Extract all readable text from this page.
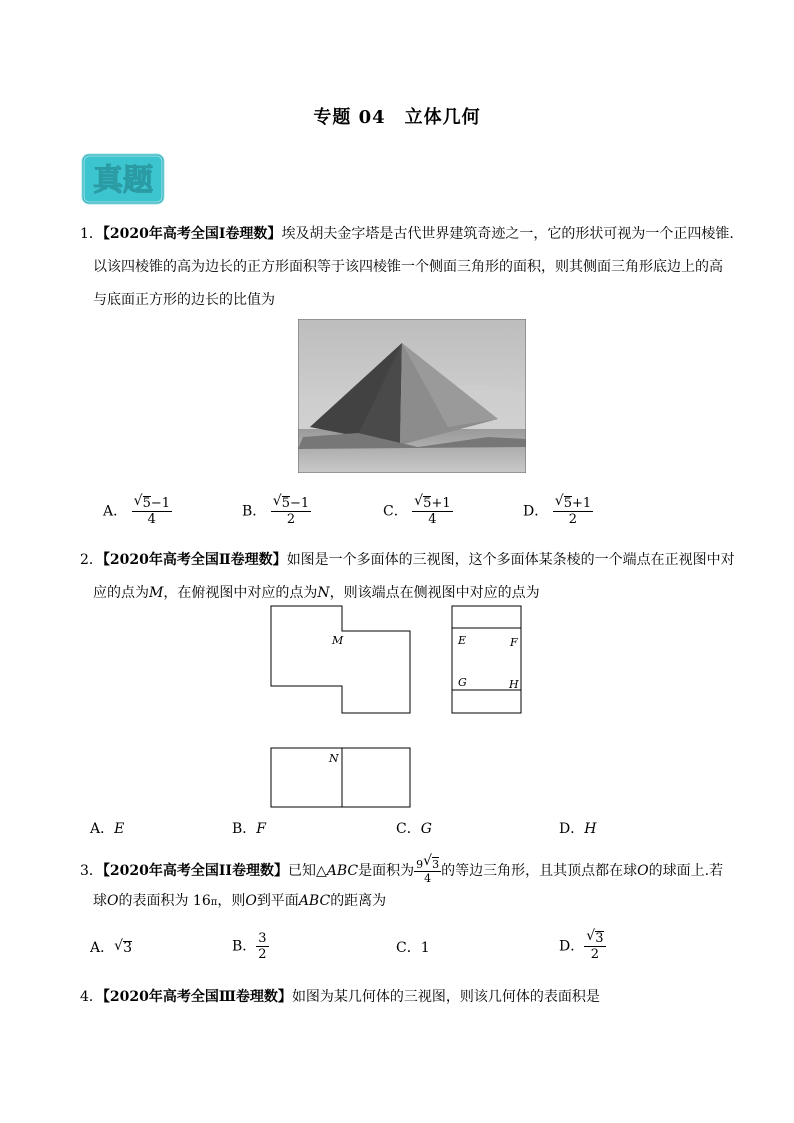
专题 04　立体几何
真题
1．【2020年高考全国Ⅰ卷理数】埃及胡夫金字塔是古代世界建筑奇迹之一，它的形状可视为一个正四棱锥.
以该四棱锥的高为边长的正方形面积等于该四棱锥一个侧面三角形的面积，则其侧面三角形底边上的高
与底面正方形的边长的比值为
A． √ $\frac{5-1}{4}$	B． √ $\frac{5-1}{2}$	C． √ $\frac{5+1}{4}$	D． √ $\frac{5+1}{2}$
2．【2020年高考全国Ⅱ卷理数】如图是一个多面体的三视图，这个多面体某条棱的一个端点在正视图中对
应的点为M，在俯视图中对应的点为N，则该端点在侧视图中对应的点为
M	E	F
G	H
N
A．E	B．F	C．G	D．H
3．【2020年高考全国II卷理数】已知△ABC是面积为 $\frac{9 √ 3}{4}$ 的等边三角形，且其顶点都在球O的球面上.若
球O的表面积为 16π，则O到平面ABC的距离为
A． √ 3	B． $\frac{3}{2}$	C．1	D． √ $\frac{3}{2}$
4．【2020年高考全国Ⅲ卷理数】如图为某几何体的三视图，则该几何体的表面积是
